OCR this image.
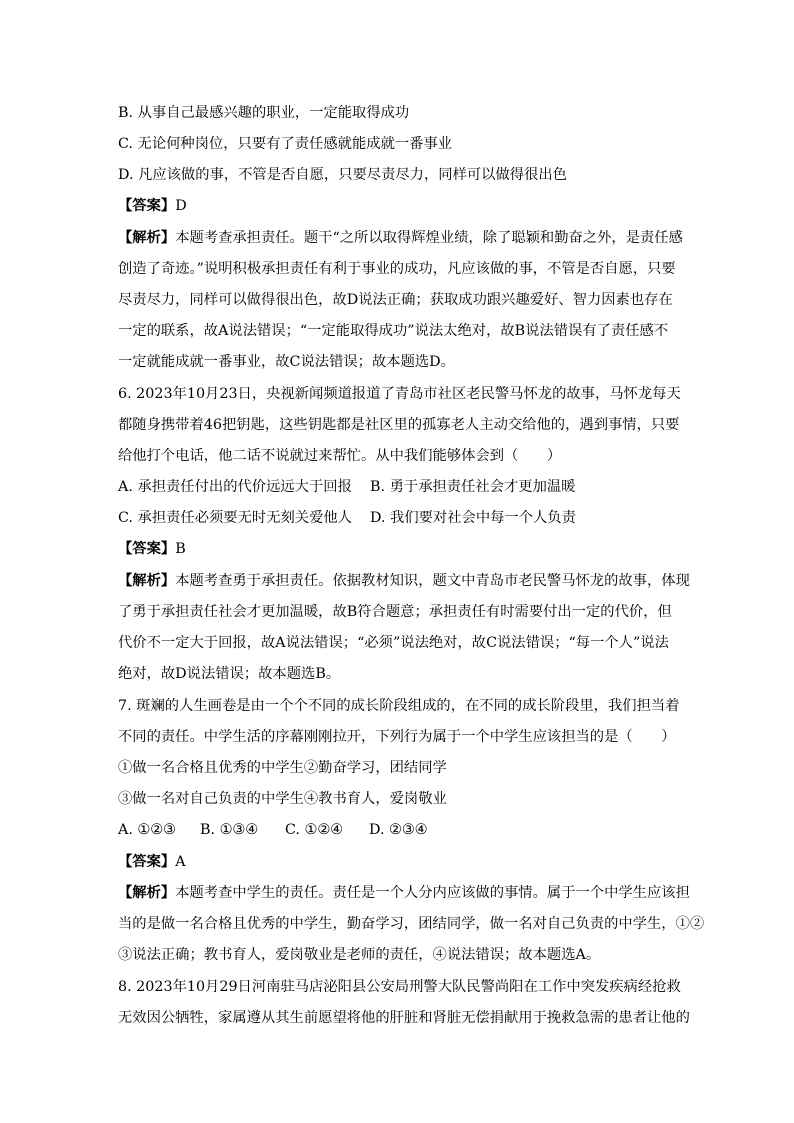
B. 从事自己最感兴趣的职业，一定能取得成功
C. 无论何种岗位，只要有了责任感就能成就一番事业
D. 凡应该做的事，不管是否自愿，只要尽责尽力，同样可以做得很出色
【答案】D
【解析】本题考查承担责任。题干“之所以取得辉煌业绩，除了聪颖和勤奋之外，是责任感
创造了奇迹。”说明积极承担责任有利于事业的成功，凡应该做的事，不管是否自愿，只要
尽责尽力，同样可以做得很出色，故D说法正确；获取成功跟兴趣爱好、智力因素也存在
一定的联系，故A说法错误；“一定能取得成功”说法太绝对，故B说法错误有了责任感不
一定就能成就一番事业，故C说法错误；故本题选D。
6. 2023年10月23日，央视新闻频道报道了青岛市社区老民警马怀龙的故事，马怀龙每天
都随身携带着46把钥匙，这些钥匙都是社区里的孤寡老人主动交给他的，遇到事情，只要
给他打个电话，他二话不说就过来帮忙。从中我们能够体会到（　　）
A. 承担责任付出的代价远远大于回报 B. 勇于承担责任社会才更加温暖
C. 承担责任必须要无时无刻关爱他人 D. 我们要对社会中每一个人负责
【答案】B
【解析】本题考查勇于承担责任。依据教材知识，题文中青岛市老民警马怀龙的故事，体现
了勇于承担责任社会才更加温暖，故B符合题意；承担责任有时需要付出一定的代价，但
代价不一定大于回报，故A说法错误；“必须”说法绝对，故C说法错误；“每一个人”说法
绝对，故D说法错误；故本题选B。
7. 斑斓的人生画卷是由一个个不同的成长阶段组成的，在不同的成长阶段里，我们担当着
不同的责任。中学生活的序幕刚刚拉开，下列行为属于一个中学生应该担当的是（　　）
①做一名合格且优秀的中学生②勤奋学习，团结同学
③做一名对自己负责的中学生④教书育人，爱岗敬业
A. ①②③ B. ①③④ C. ①②④ D. ②③④
【答案】A
【解析】本题考查中学生的责任。责任是一个人分内应该做的事情。属于一个中学生应该担
当的是做一名合格且优秀的中学生，勤奋学习，团结同学，做一名对自己负责的中学生，①②
③说法正确；教书育人，爱岗敬业是老师的责任，④说法错误；故本题选A。
8. 2023年10月29日河南驻马店泌阳县公安局刑警大队民警尚阳在工作中突发疾病经抢救
无效因公牺牲，家属遵从其生前愿望将他的肝脏和肾脏无偿捐献用于挽救急需的患者让他的
